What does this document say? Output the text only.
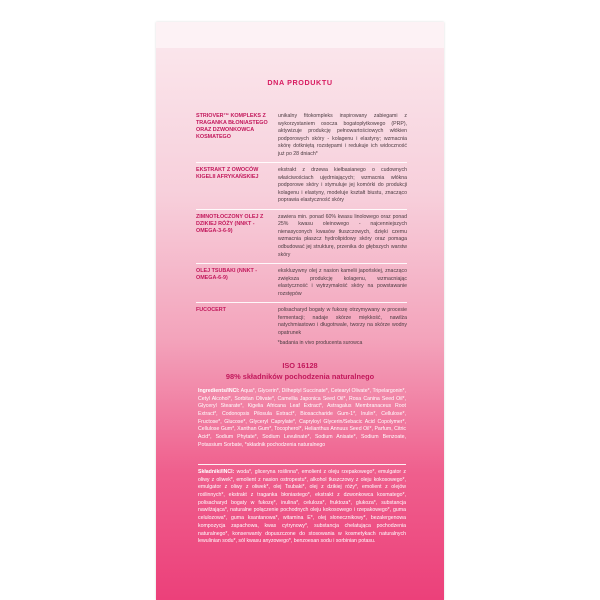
DNA PRODUKTU
STRIOVER™ KOMPLEKS Z TRAGANKA BŁONIASTEGO ORAZ DZWONKOWCA KOSMATEGO
unikalny fitokompleks inspirowany zabiegami z wykorzystaniem osocza bogatopłytkowego (PRP), aktywizuje produkcję pełnowartościowych włókien podporowych skóry - kolagenu i elastyny; wzmacnia skórę dotkniętą rozstępami i redukuje ich widoczność już po 28 dniach*
EKSTRAKT Z OWOCÓW KIGELII AFRYKAŃSKIEJ
ekstrakt z drzewa kiełbasianego o cudownych właściwościach ujędrniających; wzmacnia włókna podporowe skóry i stymuluje jej komórki do produkcji kolagenu i elastyny, modeluje kształt biustu, znacząco poprawia elastyczność skóry
ZIMNOTŁOCZONY OLEJ Z DZIKIEJ RÓŻY (NNKT - OMEGA-3-6-9)
zawiera min. ponad 60% kwasu linolowego oraz ponad 25% kwasu oleinowego - najcenniejszych nienasyconych kwasów tłuszczowych, dzięki czemu wzmacnia płaszcz hydrolipidowy skóry oraz pomaga odbudować jej strukturę, przenika do głębszych warstw skóry
OLEJ TSUBAKI (NNKT - OMEGA-6-9)
ekskluzywny olej z nasion kamelii japońskiej, znacząco zwiększa produkcję kolagenu, wzmacniając elastyczność i wytrzymałość skóry na powstawanie rozstępów
FUCOCERT	polisacharyd bogaty w fukozę otrzymywany w procesie fermentacji; nadaje skórze miękkość, nawilża natychmiastowo i długotrwale, tworzy na skórze wodny opatrunek
*badania in vivo producenta surowca
ISO 16128
98% składników pochodzenia naturalnego
Ingredients/INCI: Aqua*, Glycerin*, Dilheptyl Succinate*, Cetearyl Olivate*, Tripelargonin*, Cetyl Alcohol*, Sorbitan Olivate*, Camellia Japonica Seed Oil*, Rosa Canina Seed Oil*, Glyceryl Stearate*, Kigelia Africana Leaf Extract*, Astragalus Membranaceus Root Extract*, Codonopsis Pilosula Extract*, Biosaccharide Gum-1*, Inulin*, Cellulose*, Fructose*, Glucose*, Glyceryl Caprylate*, Capryloyl Glycerin/Sebacic Acid Copolymer*, Cellulose Gum*, Xanthan Gum*, Tocopherol*, Helianthus Annuus Seed Oil*, Parfum, Citric Acid*, Sodium Phytate*, Sodium Levulinate*, Sodium Anisate*, Sodium Benzoate, Potassium Sorbate, *składnik pochodzenia naturalnego
Składniki/INCI: woda*, gliceryna roślinna*, emolient z oleju rzepakowego*, emulgator z oliwy z oliwek*, emolient z nasion ostropestu*, alkohol tłuszczowy z oleju kokosowego*, emulgator z oliwy z oliwek*, olej Tsubaki*, olej z dzikiej róży*, emolient z olejów roślinnych*, ekstrakt z traganka błoniastego*, ekstrakt z dzwonkowca kosmatego*, polisacharyd bogaty w fukozę*, inulina*, celuloza*, fruktoza*, glukoza*, substancja nawilżająca*, naturalne połączenie pochodnych oleju kokosowego i rzepakowego*, guma celulozowa*, guma ksantanowa*, witamina E*, olej słonecznikowy*, bezalergenowa kompozycja zapachowa, kwas cytrynowy*, substancja chelatująca pochodzenia naturalnego*, konserwanty dopuszczone do stosowania w kosmetykach naturalnych lewulinian sodu*, sól kwasu anyzowego*, benzoesan sodu i sorbinian potasu.
